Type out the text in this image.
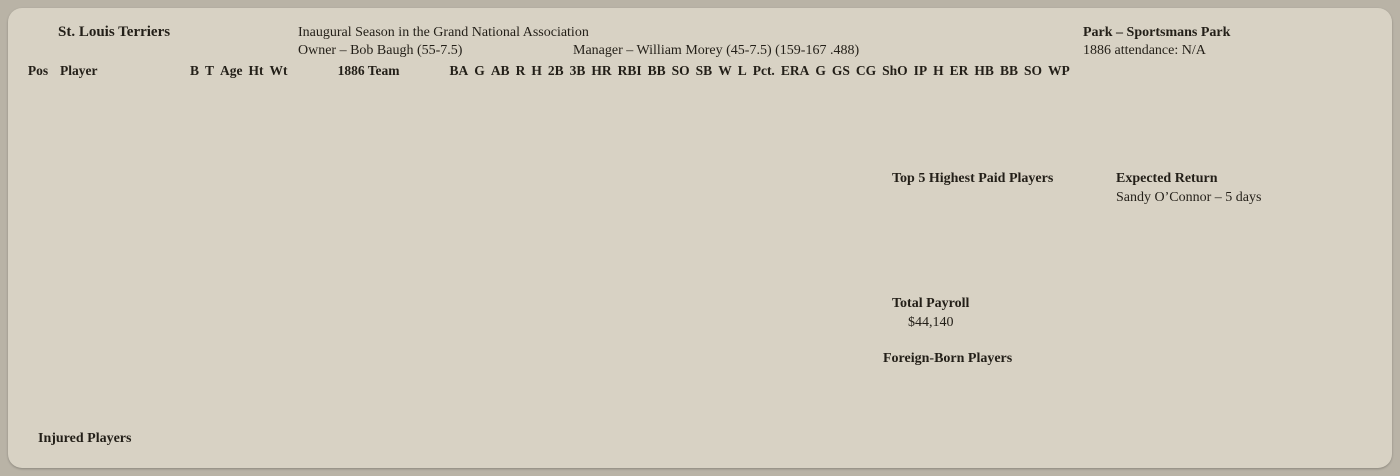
St. Louis Terriers	Inaugural Season in the Grand National Association
Owner – Bob Baugh (55-7.5)	Manager – William Morey (45-7.5) (159-167 .488)
Park – Sportsmans Park
1886 attendance: N/A
Pos	Player	B	T	Age	Ht	Wt	1886 Team	BA	G	AB	R	H	2B	3B	HR	RBI	BB	SO	SB	W	L	Pct.	ERA	G	GS	CG	ShO	IP	H	ER	HB	BB	SO	WP
Injured Players
Top 5 Highest Paid Players
Total Payroll
$44,140
Expected Return
Sandy O’Connor – 5 days
Foreign-Born Players
